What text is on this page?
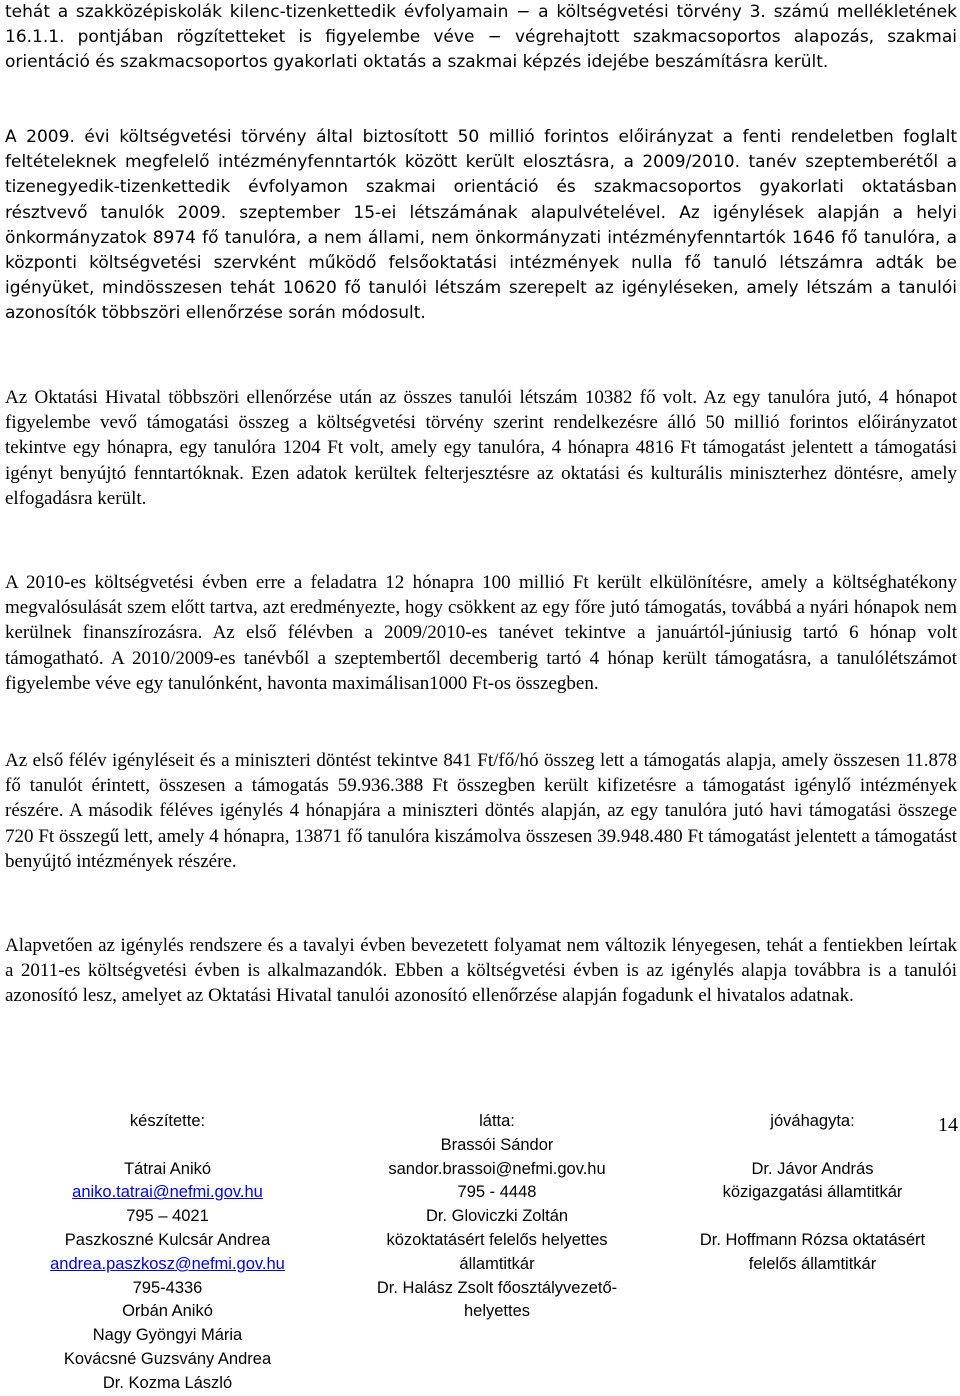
tehát a szakközépiskolák kilenc-tizenkettedik évfolyamain − a költségvetési törvény 3. számú mellékletének 16.1.1. pontjában rögzítetteket is figyelembe véve − végrehajtott szakmacsoportos alapozás, szakmai orientáció és szakmacsoportos gyakorlati oktatás a szakmai képzés idejébe beszámításra került.

A 2009. évi költségvetési törvény által biztosított 50 millió forintos előirányzat a fenti rendeletben foglalt feltételeknek megfelelő intézményfenntartók között került elosztásra, a 2009/2010. tanév szeptemberétől a tizenegyedik-tizenkettedik évfolyamon szakmai orientáció és szakmacsoportos gyakorlati oktatásban résztvevő tanulók 2009. szeptember 15-ei létszámának alapulvételével. Az igénylések alapján a helyi önkormányzatok 8974 fő tanulóra, a nem állami, nem önkormányzati intézményfenntartók 1646 fő tanulóra, a központi költségvetési szervként működő felsőoktatási intézmények nulla fő tanuló létszámra adták be igényüket, mindösszesen tehát 10620 fő tanulói létszám szerepelt az igényléseken, amely létszám a tanulói azonosítók többszöri ellenőrzése során módosult.

Az Oktatási Hivatal többszöri ellenőrzése után az összes tanulói létszám 10382 fő volt. Az egy tanulóra jutó, 4 hónapot figyelembe vevő támogatási összeg a költségvetési törvény szerint rendelkezésre álló 50 millió forintos előirányzatot tekintve egy hónapra, egy tanulóra 1204 Ft volt, amely egy tanulóra, 4 hónapra 4816 Ft támogatást jelentett a támogatási igényt benyújtó fenntartóknak. Ezen adatok kerültek felterjesztésre az oktatási és kulturális miniszterhez döntésre, amely elfogadásra került.

A 2010-es költségvetési évben erre a feladatra 12 hónapra 100 millió Ft került elkülönítésre, amely a költséghatékony megvalósulását szem előtt tartva, azt eredményezte, hogy csökkent az egy főre jutó támogatás, továbbá a nyári hónapok nem kerülnek finanszírozásra. Az első félévben a 2009/2010-es tanévet tekintve a januártól-júniusig tartó 6 hónap volt támogatható. A 2010/2009-es tanévből a szeptembertől decemberig tartó 4 hónap került támogatásra, a tanulólétszámot figyelembe véve egy tanulónként, havonta maximálisan1000 Ft-os összegben.

Az első félév igényléseit és a miniszteri döntést tekintve 841 Ft/fő/hó összeg lett a támogatás alapja, amely összesen 11.878 fő tanulót érintett, összesen a támogatás 59.936.388 Ft összegben került kifizetésre a támogatást igénylő intézmények részére. A második féléves igénylés 4 hónapjára a miniszteri döntés alapján, az egy tanulóra jutó havi támogatási összege 720 Ft összegű lett, amely 4 hónapra, 13871 fő tanulóra kiszámolva összesen 39.948.480 Ft támogatást jelentett a támogatást benyújtó intézmények részére.

Alapvetően az igénylés rendszere és a tavalyi évben bevezetett folyamat nem változik lényegesen, tehát a fentiekben leírtak a 2011-es költségvetési évben is alkalmazandók. Ebben a költségvetési évben is az igénylés alapja továbbra is a tanulói azonosító lesz, amelyet az Oktatási Hivatal tanulói azonosító ellenőrzése alapján fogadunk el hivatalos adatnak.

készítette:
Tátrai Anikó
aniko.tatrai@nefmi.gov.hu
795 – 4021
Paszkoszné Kulcsár Andrea
andrea.paszkosz@nefmi.gov.hu
795-4336
Orbán Anikó
Nagy Gyöngyi Mária
Kovácsné Guzsvány Andrea
Dr. Kozma László
látta:
Brassói Sándor
sandor.brassoi@nefmi.gov.hu
795 - 4448
Dr. Gloviczki Zoltán
közoktatásért felelős helyettes
államtitkár
Dr. Halász Zsolt főosztályvezető-
helyettes
jóváhagyta:
Dr. Jávor András
közigazgatási államtitkár
Dr. Hoffmann Rózsa oktatásért
felelős államtitkár
14
